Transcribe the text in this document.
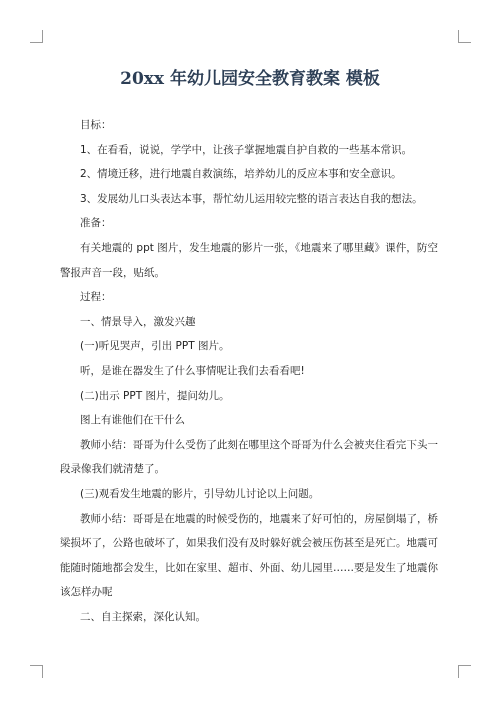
20xx 年幼儿园安全教育教案 模板

目标：

1、在看看，说说，学学中，让孩子掌握地震自护自救的一些基本常识。

2、情境迁移，进行地震自救演练，培养幼儿的反应本事和安全意识。

3、发展幼儿口头表达本事，帮忙幼儿运用较完整的语言表达自我的想法。

准备：

有关地震的 ppt 图片，发生地震的影片一张，《地震来了哪里藏》课件，防空警报声音一段，贴纸。

过程：

一、情景导入，激发兴趣

(一)听见哭声，引出 PPT 图片。

听，是谁在器发生了什么事情呢让我们去看看吧!

(二)出示 PPT 图片，提问幼儿。

图上有谁他们在干什么

教师小结：哥哥为什么受伤了此刻在哪里这个哥哥为什么会被夹住看完下头一段录像我们就清楚了。

(三)观看发生地震的影片，引导幼儿讨论以上问题。

教师小结：哥哥是在地震的时候受伤的，地震来了好可怕的，房屋倒塌了，桥梁损坏了，公路也破坏了，如果我们没有及时躲好就会被压伤甚至是死亡。地震可能随时随地都会发生，比如在家里、超市、外面、幼儿园里……要是发生了地震你该怎样办呢

二、自主探索，深化认知。
